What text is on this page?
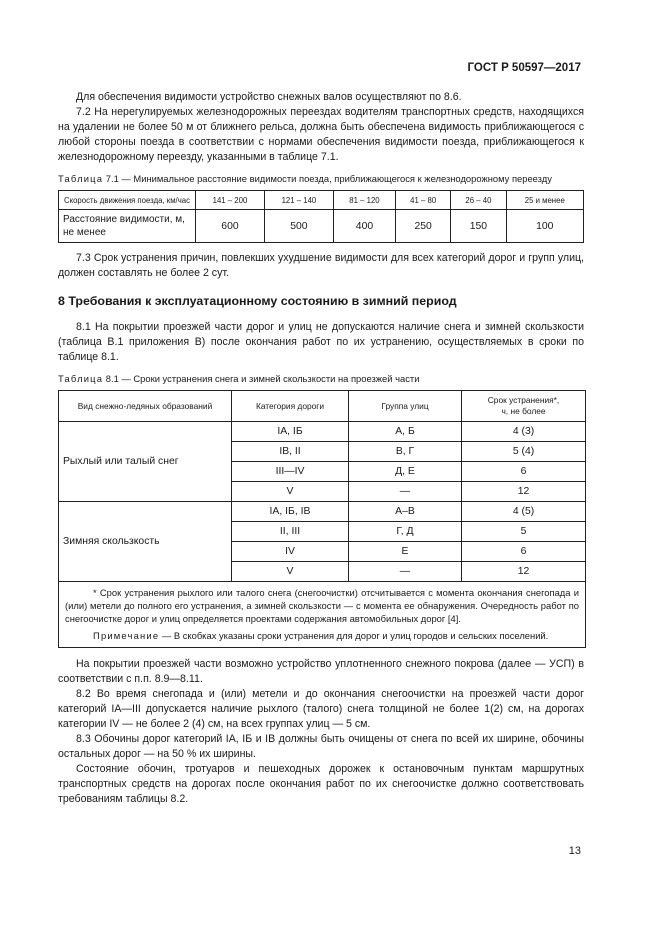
ГОСТ Р 50597—2017

Для обеспечения видимости устройство снежных валов осуществляют по 8.6.

7.2 На нерегулируемых железнодорожных переездах водителям транспортных средств, находящихся на удалении не более 50 м от ближнего рельса, должна быть обеспечена видимость приближающегося с любой стороны поезда в соответствии с нормами обеспечения видимости поезда, приближающегося к железнодорожному переезду, указанными в таблице 7.1.

Таблица 7.1 — Минимальное расстояние видимости поезда, приближающегося к железнодорожному переезду
Скорость движения поезда, км/час	141 – 200	121 – 140	81 – 120	41 – 80	26 – 40	25 и менее
Расстояние видимости, м, не менее	600	500	400	250	150	100

7.3 Срок устранения причин, повлекших ухудшение видимости для всех категорий дорог и групп улиц, должен составлять не более 2 сут.

8 Требования к эксплуатационному состоянию в зимний период

8.1 На покрытии проезжей части дорог и улиц не допускаются наличие снега и зимней скользкости (таблица В.1 приложения В) после окончания работ по их устранению, осуществляемых в сроки по таблице 8.1.

Таблица 8.1 — Сроки устранения снега и зимней скользкости на проезжей части
Вид снежно-ледяных образований	Категория дороги	Группа улиц	Срок устранения*,
ч, не более
Рыхлый или талый снег	IА, IБ	А, Б	4 (3)
	IВ, II	В, Г	5 (4)
	III—IV	Д, Е	6
	V	—	12
Зимняя скользкость	IА, IБ, IВ	А–В	4 (5)
	II, III	Г, Д	5
	IV	Е	6
	V	—	12

* Срок устранения рыхлого или талого снега (снегоочистки) отсчитывается с момента окончания снегопада и (или) метели до полного его устранения, а зимней скользкости — с момента ее обнаружения. Очередность работ по снегоочистке дорог и улиц определяется проектами содержания автомобильных дорог [4].

Примечание — В скобках указаны сроки устранения для дорог и улиц городов и сельских поселений.			

На покрытии проезжей части возможно устройство уплотненного снежного покрова (далее — УСП) в соответствии с п.п. 8.9—8.11.

8.2 Во время снегопада и (или) метели и до окончания снегоочистки на проезжей части дорог категорий IА—III допускается наличие рыхлого (талого) снега толщиной не более 1(2) см, на дорогах категории IV — не более 2 (4) см, на всех группах улиц — 5 см.

8.3 Обочины дорог категорий IА, IБ и IВ должны быть очищены от снега по всей их ширине, обочины остальных дорог — на 50 % их ширины.

Состояние обочин, тротуаров и пешеходных дорожек к остановочным пунктам маршрутных транспортных средств на дорогах после окончания работ по их снегоочистке должно соответствовать требованиям таблицы 8.2.

13
